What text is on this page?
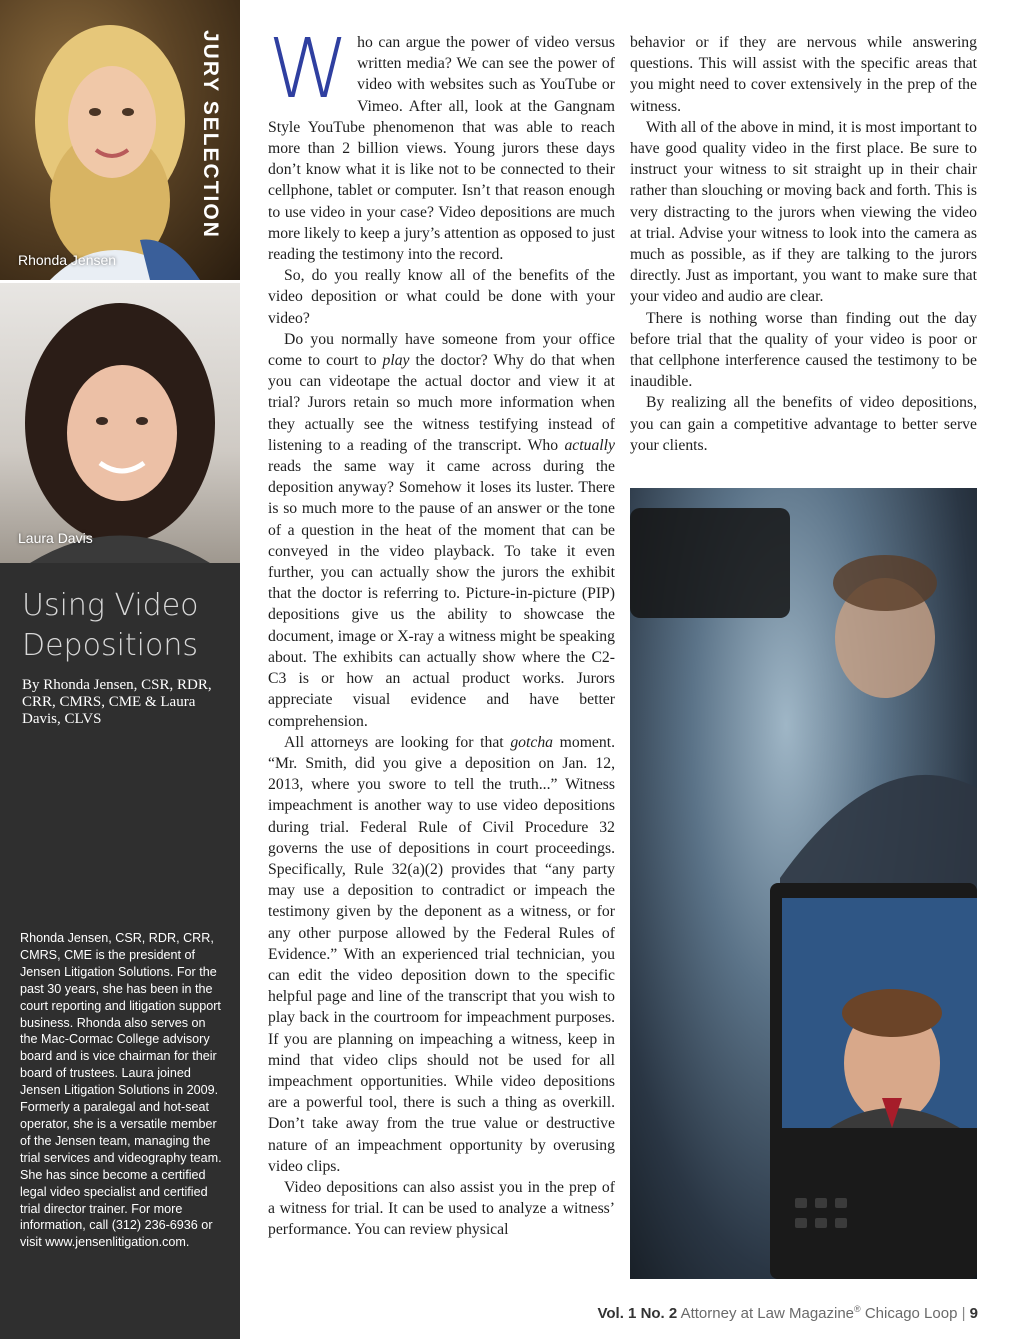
JURY SELECTION
Rhonda Jensen
Laura Davis
Using Video Depositions
By Rhonda Jensen, CSR, RDR, CRR, CMRS, CME & Laura Davis, CLVS
Rhonda Jensen, CSR, RDR, CRR, CMRS, CME is the president of Jensen Litigation Solutions. For the past 30 years, she has been in the court reporting and litigation support business. Rhonda also serves on the Mac-Cormac College advisory board and is vice chairman for their board of trustees. Laura joined Jensen Litigation Solutions in 2009. Formerly a paralegal and hot-seat operator, she is a versatile member of the Jensen team, managing the trial services and videography team. She has since become a certified legal video specialist and certified trial director trainer. For more information, call (312) 236-6936 or visit www.jensenlitigation.com.

Who can argue the power of video versus written media? We can see the power of video with websites such as YouTube or Vimeo. After all, look at the Gangnam Style YouTube phenomenon that was able to reach more than 2 billion views. Young jurors these days don’t know what it is like not to be connected to their cellphone, tablet or computer. Isn’t that reason enough to use video in your case? Video depositions are much more likely to keep a jury’s attention as opposed to just reading the testimony into the record.

So, do you really know all of the benefits of the video deposition or what could be done with your video?

Do you normally have someone from your office come to court to play the doctor? Why do that when you can videotape the actual doctor and view it at trial? Jurors retain so much more information when they actually see the witness testifying instead of listening to a reading of the transcript. Who actually reads the same way it came across during the deposition anyway? Somehow it loses its luster. There is so much more to the pause of an answer or the tone of a question in the heat of the moment that can be conveyed in the video playback. To take it even further, you can actually show the jurors the exhibit that the doctor is referring to. Picture-in-picture (PIP) depositions give us the ability to showcase the document, image or X-ray a witness might be speaking about. The exhibits can actually show where the C2-C3 is or how an actual product works. Jurors appreciate visual evidence and have better comprehension.

All attorneys are looking for that gotcha moment. “Mr. Smith, did you give a deposition on Jan. 12, 2013, where you swore to tell the truth...” Witness impeachment is another way to use video depositions during trial. Federal Rule of Civil Procedure 32 governs the use of depositions in court proceedings. Specifically, Rule 32(a)(2) provides that “any party may use a deposition to contradict or impeach the testimony given by the deponent as a witness, or for any other purpose allowed by the Federal Rules of Evidence.” With an experienced trial technician, you can edit the video deposition down to the specific helpful page and line of the transcript that you wish to play back in the courtroom for impeachment purposes. If you are planning on impeaching a witness, keep in mind that video clips should not be used for all impeachment opportunities. While video depositions are a powerful tool, there is such a thing as overkill. Don’t take away from the true value or destructive nature of an impeachment opportunity by overusing video clips.

Video depositions can also assist you in the prep of a witness for trial. It can be used to analyze a witness’ performance. You can review physical

behavior or if they are nervous while answering questions. This will assist with the specific areas that you might need to cover extensively in the prep of the witness.

With all of the above in mind, it is most important to have good quality video in the first place. Be sure to instruct your witness to sit straight up in their chair rather than slouching or moving back and forth. This is very distracting to the jurors when viewing the video at trial. Advise your witness to look into the camera as much as possible, as if they are talking to the jurors directly. Just as important, you want to make sure that your video and audio are clear.

There is nothing worse than finding out the day before trial that the quality of your video is poor or that cellphone interference caused the testimony to be inaudible.

By realizing all the benefits of video depositions, you can gain a competitive advantage to better serve your clients.

Vol. 1 No. 2 Attorney at Law Magazine® Chicago Loop | 9
